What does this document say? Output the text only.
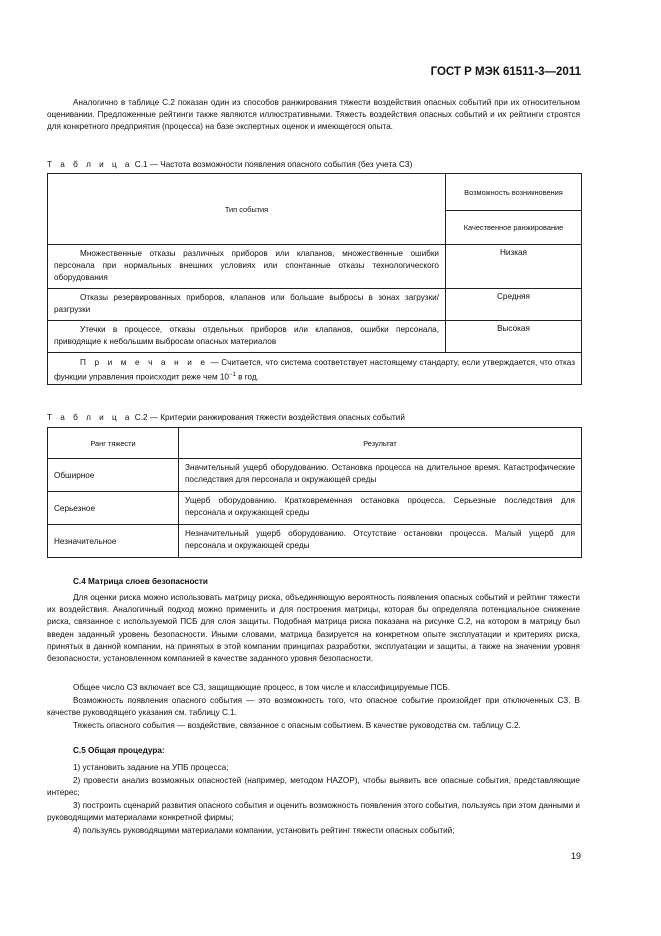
ГОСТ Р МЭК 61511-3—2011

Аналогично в таблице С.2 показан один из способов ранжирования тяжести воздействия опасных событий при их относительном оценивании. Предложенные рейтинги также являются иллюстративными. Тяжесть воздействия опасных событий и их рейтинги строятся для конкретного предприятия (процесса) на базе экспертных оценок и имеющегося опыта.

Т а б л и ц а С.1 — Частота возможности появления опасного события (без учета СЗ)
Тип события	Возможность возникновения
	Качественное ранжирование
Множественные отказы различных приборов или клапанов, множественные ошибки персонала при нормальных внешних условиях или спонтанные отказы технологического оборудования	Низкая
Отказы резервированных приборов, клапанов или большие выбросы в зонах загрузки/разгрузки	Средняя
Утечки в процессе, отказы отдельных приборов или клапанов, ошибки персонала, приводящие к небольшим выбросам опасных материалов	Высокая
П р и м е ч а н и е — Считается, что система соответствует настоящему стандарту, если утверждается, что отказ функции управления происходит реже чем $10^{-1}$ в год.	
Т а б л и ц а С.2 — Критерии ранжирования тяжести воздействия опасных событий
Ранг тяжести	Результат
Обширное	Значительный ущерб оборудованию. Остановка процесса на длительное время. Катастрофические последствия для персонала и окружающей среды
Серьезное	Ущерб оборудованию. Кратковременная остановка процесса. Серьезные последствия для персонала и окружающей среды
Незначительное	Незначительный ущерб оборудованию. Отсутствие остановки процесса. Малый ущерб для персонала и окружающей среды
С.4 Матрица слоев безопасности

Для оценки риска можно использовать матрицу риска, объединяющую вероятность появления опасных событий и рейтинг тяжести их воздействия. Аналогичный подход можно применить и для построения матрицы, которая бы определяла потенциальное снижение риска, связанное с используемой ПСБ для слоя защиты. Подобная матрица риска показана на рисунке С.2, на котором в матрицу был введен заданный уровень безопасности. Иными словами, матрица базируется на конкретном опыте эксплуатации и критериях риска, принятых в данной компании, на принятых в этой компании принципах разработки, эксплуатации и защиты, а также на значении уровня безопасности, установленном компанией в качестве заданного уровня безопасности.

Общее число СЗ включает все СЗ, защищающие процесс, в том числе и классифицируемые ПСБ.

Возможность появления опасного события — это возможность того, что опасное событие произойдет при отключенных СЗ. В качестве руководящего указания см. таблицу С.1.

Тяжесть опасного события — воздействие, связанное с опасным событием. В качестве руководства см. таблицу С.2.

С.5 Общая процедура:

1) установить задание на УПБ процесса;

2) провести анализ возможных опасностей (например, методом HAZOP), чтобы выявить все опасные события, представляющие интерес;

3) построить сценарий развития опасного события и оценить возможность появления этого события, пользуясь при этом данными и руководящими материалами конкретной фирмы;

4) пользуясь руководящими материалами компании, установить рейтинг тяжести опасных событий;

19
